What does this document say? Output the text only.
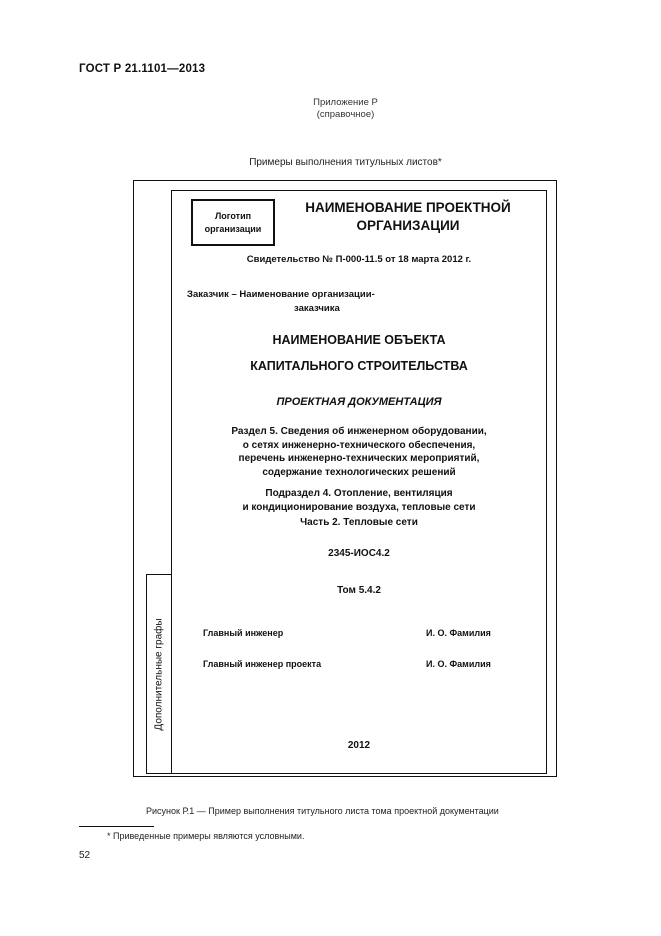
ГОСТ Р 21.1101—2013
Приложение Р
(справочное)
Примеры выполнения титульных листов*
Дополнительные графы
Логотип
организации
НАИМЕНОВАНИЕ ПРОЕКТНОЙ
ОРГАНИЗАЦИИ
Свидетельство № П-000-11.5 от 18 марта 2012 г.
Заказчик – Наименование организации-
заказчика
НАИМЕНОВАНИЕ ОБЪЕКТА
КАПИТАЛЬНОГО СТРОИТЕЛЬСТВА
ПРОЕКТНАЯ ДОКУМЕНТАЦИЯ
Раздел 5. Сведения об инженерном оборудовании,
о сетях инженерно-технического обеспечения,
перечень инженерно-технических мероприятий,
содержание технологических решений
Подраздел 4. Отопление, вентиляция
и кондиционирование воздуха, тепловые сети
Часть 2. Тепловые сети
2345-ИОС4.2
Том 5.4.2
Главный инженер	И. О. Фамилия
Главный инженер проекта	И. О. Фамилия
2012
Рисунок Р.1 — Пример выполнения титульного листа тома проектной документации
* Приведенные примеры являются условными.
52
